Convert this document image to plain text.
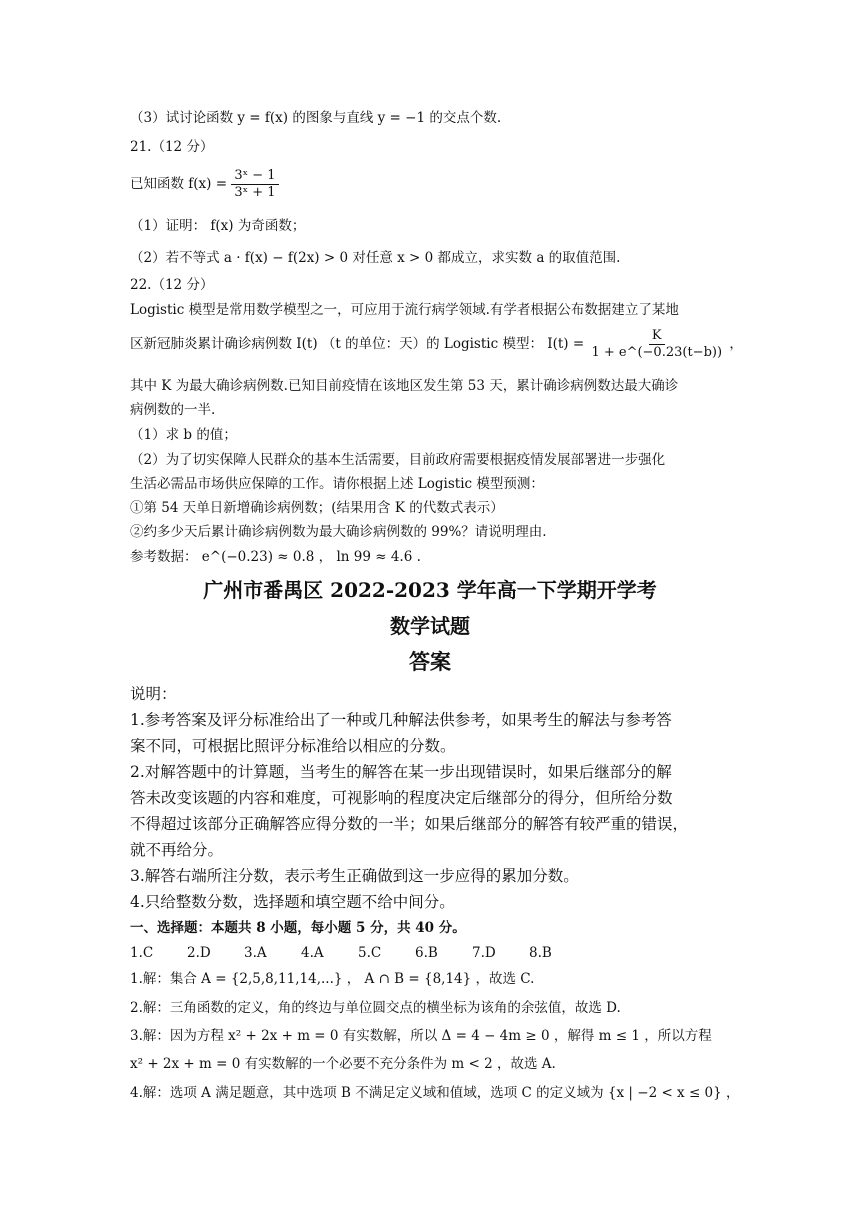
（3）试讨论函数 y = f(x) 的图象与直线 y = −1 的交点个数.
21.（12 分）
已知函数 $f(x) = \frac{\text{3ˣ − 1}}{\text{3ˣ + 1}}$
（1）证明： f(x) 为奇函数；
（2）若不等式 a · f(x) − f(2x) > 0 对任意 x > 0 都成立，求实数 a 的取值范围.
22.（12 分）
Logistic 模型是常用数学模型之一，可应用于流行病学领域.有学者根据公布数据建立了某地
区新冠肺炎累计确诊病例数 I(t) （t 的单位：天）的 Logistic 模型： $I(t) = \frac{K}{1 + e\^{}(-0.23(t-b))}$ ，
其中 K 为最大确诊病例数.已知目前疫情在该地区发生第 53 天，累计确诊病例数达最大确诊
病例数的一半.
（1）求 b 的值；
（2）为了切实保障人民群众的基本生活需要，目前政府需要根据疫情发展部署进一步强化
生活必需品市场供应保障的工作。请你根据上述 Logistic 模型预测：
①第 54 天单日新增确诊病例数；(结果用含 K 的代数式表示）
②约多少天后累计确诊病例数为最大确诊病例数的 99%？请说明理由.
参考数据： e^(−0.23) ≈ 0.8 ， ln 99 ≈ 4.6 .
广州市番禺区 2022-2023 学年高一下学期开学考
数学试题
答案
说明：
1.参考答案及评分标准给出了一种或几种解法供参考，如果考生的解法与参考答
案不同，可根据比照评分标准给以相应的分数。
2.对解答题中的计算题，当考生的解答在某一步出现错误时，如果后继部分的解
答未改变该题的内容和难度，可视影响的程度决定后继部分的得分，但所给分数
不得超过该部分正确解答应得分数的一半；如果后继部分的解答有较严重的错误，
就不再给分。
3.解答右端所注分数，表示考生正确做到这一步应得的累加分数。
4.只给整数分数，选择题和填空题不给中间分。
一、选择题：本题共 8 小题，每小题 5 分，共 40 分。
1.C	2.D 3.A	4.A	5.C	6.B	7.D 8.B
1.解：集合 A = {2,5,8,11,14,...} ， A ∩ B = {8,14} ，故选 C.
2.解：三角函数的定义，角的终边与单位圆交点的横坐标为该角的余弦值，故选 D.
3.解：因为方程 x² + 2x + m = 0 有实数解，所以 Δ = 4 − 4m ≥ 0 ，解得 m ≤ 1 ，所以方程
x² + 2x + m = 0 有实数解的一个必要不充分条件为 m < 2 ，故选 A.
4.解：选项 A 满足题意，其中选项 B 不满足定义域和值域，选项 C 的定义域为 {x | −2 < x ≤ 0} ，
